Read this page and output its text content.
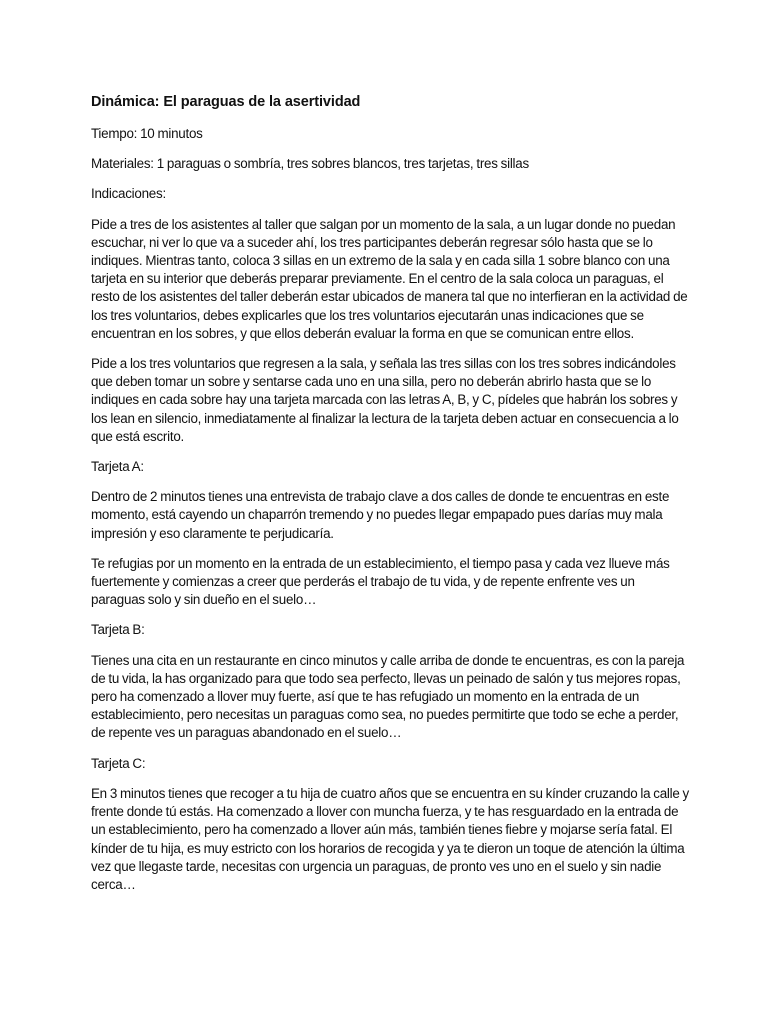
Dinámica: El paraguas de la asertividad
Tiempo: 10 minutos
Materiales: 1 paraguas o sombría, tres sobres blancos, tres tarjetas, tres sillas
Indicaciones:
Pide a tres de los asistentes al taller que salgan por un momento de la sala, a un lugar donde no puedan escuchar, ni ver lo que va a suceder ahí, los tres participantes deberán regresar sólo hasta que se lo indiques. Mientras tanto, coloca 3 sillas en un extremo de la sala y en cada silla 1 sobre blanco con una tarjeta en su interior que deberás preparar previamente. En el centro de la sala coloca un paraguas, el resto de los asistentes del taller deberán estar ubicados de manera tal que no interfieran en la actividad de los tres voluntarios, debes explicarles que los tres voluntarios ejecutarán unas indicaciones que se encuentran en los sobres, y que ellos deberán evaluar la forma en que se comunican entre ellos.
Pide a los tres voluntarios que regresen a la sala, y señala las tres sillas con los tres sobres indicándoles que deben tomar un sobre y sentarse cada uno en una silla, pero no deberán abrirlo hasta que se lo indiques en cada sobre hay una tarjeta marcada con las letras A, B, y C, pídeles que habrán los sobres y los lean en silencio, inmediatamente al finalizar la lectura de la tarjeta deben actuar en consecuencia a lo que está escrito.
Tarjeta A:
Dentro de 2 minutos tienes una entrevista de trabajo clave a dos calles de donde te encuentras en este momento, está cayendo un chaparrón tremendo y no puedes llegar empapado pues darías muy mala impresión y eso claramente te perjudicaría.
Te refugias por un momento en la entrada de un establecimiento, el tiempo pasa y cada vez llueve más fuertemente y comienzas a creer que perderás el trabajo de tu vida, y de repente enfrente ves un paraguas solo y sin dueño en el suelo…
Tarjeta B:
Tienes una cita en un restaurante en cinco minutos y calle arriba de donde te encuentras, es con la pareja de tu vida, la has organizado para que todo sea perfecto, llevas un peinado de salón y tus mejores ropas, pero ha comenzado a llover muy fuerte, así que te has refugiado un momento en la entrada de un establecimiento, pero necesitas un paraguas como sea, no puedes permitirte que todo se eche a perder, de repente ves un paraguas abandonado en el suelo…
Tarjeta C:
En 3 minutos tienes que recoger a tu hija de cuatro años que se encuentra en su kínder cruzando la calle y frente donde tú estás. Ha comenzado a llover con muncha fuerza, y te has resguardado en la entrada de un establecimiento, pero ha comenzado a llover aún más, también tienes fiebre y mojarse sería fatal. El kínder de tu hija, es muy estricto con los horarios de recogida y ya te dieron un toque de atención la última vez que llegaste tarde, necesitas con urgencia un paraguas, de pronto ves uno en el suelo y sin nadie cerca…
